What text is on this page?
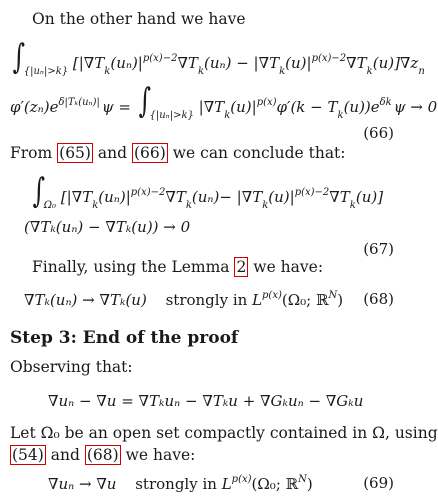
On the other hand we have
$\int_{\{|u_n|>k\}}$ $[|\nabla T_k(u_n)|^{p(x)-2}\nabla T_k(u_n) - |\nabla T_k(u)|^{p(x)-2}\nabla T_k(u)]\nabla z_n$
$\varphi'(z_n)e^{\delta|T_k(u_n)|}$ $\psi = \int_{\{|u_n|>k\}}$ $|\nabla T_k(u)|^{p(x)}\varphi'(k - T_k(u))e^{\delta k}$ ψ → 0
(66)
From (65) and (66) we can conclude that:
$\int_{\Omega_0}$ $[|\nabla T_k(u_n)|^{p(x)-2}\nabla T_k(u_n)- |\nabla T_k(u)|^{p(x)-2}\nabla T_k(u)]$
(∇Tₖ(uₙ) − ∇Tₖ(u)) → 0
(67)
Finally, using the Lemma 2 we have:
∇Tₖ(uₙ) → ∇Tₖ(u) strongly in $L^{p(x)}(\Omega_0$; ℝ$^N$) (68)
Step 3: End of the proof
Observing that:
∇uₙ − ∇u = ∇Tₖuₙ − ∇Tₖu + ∇Gₖuₙ − ∇Gₖu
Let Ω₀ be an open set compactly contained in Ω, using
(54) and (68) we have:
∇uₙ → ∇u strongly in $L^{p(x)}(\Omega_0$; ℝ$^N$)	(69)
